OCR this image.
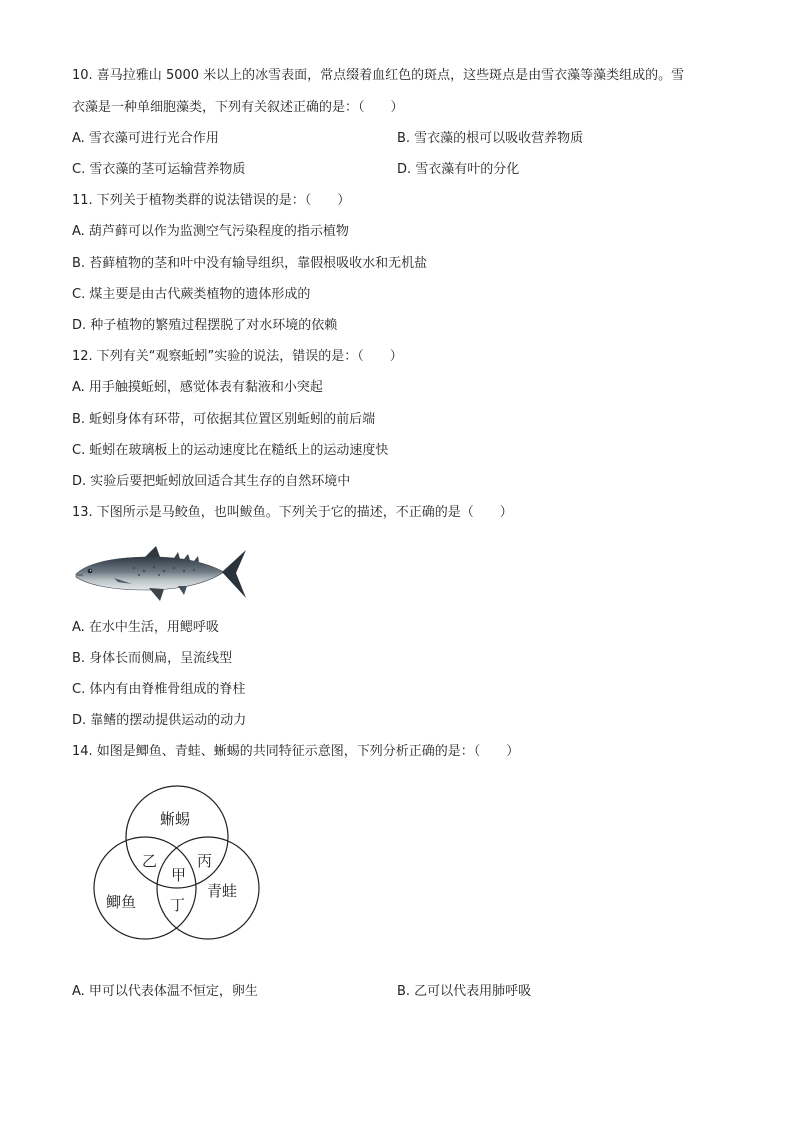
10. 喜马拉雅山 5000 米以上的冰雪表面，常点缀着血红色的斑点，这些斑点是由雪衣藻等藻类组成的。雪
衣藻是一种单细胞藻类，下列有关叙述正确的是：（　　）
A. 雪衣藻可进行光合作用	B. 雪衣藻的根可以吸收营养物质
C. 雪衣藻的茎可运输营养物质	D. 雪衣藻有叶的分化
11. 下列关于植物类群的说法错误的是：（　　）
A. 葫芦藓可以作为监测空气污染程度的指示植物
B. 苔藓植物的茎和叶中没有输导组织，靠假根吸收水和无机盐
C. 煤主要是由古代蕨类植物的遗体形成的
D. 种子植物的繁殖过程摆脱了对水环境的依赖
12. 下列有关“观察蚯蚓”实验的说法，错误的是：（　　）
A. 用手触摸蚯蚓，感觉体表有黏液和小突起
B. 蚯蚓身体有环带，可依据其位置区别蚯蚓的前后端
C. 蚯蚓在玻璃板上的运动速度比在糙纸上的运动速度快
D. 实验后要把蚯蚓放回适合其生存的自然环境中
13. 下图所示是马鲛鱼，也叫鲅鱼。下列关于它的描述，不正确的是（　　）
A. 在水中生活，用鳃呼吸
B. 身体长而侧扁，呈流线型
C. 体内有由脊椎骨组成的脊柱
D. 靠鳍的摆动提供运动的动力
14. 如图是鲫鱼、青蛙、蜥蜴的共同特征示意图，下列分析正确的是：（　　）
蜥蜴
鲫鱼
青蛙
乙	丙
甲
丁
A. 甲可以代表体温不恒定，卵生	B. 乙可以代表用肺呼吸
